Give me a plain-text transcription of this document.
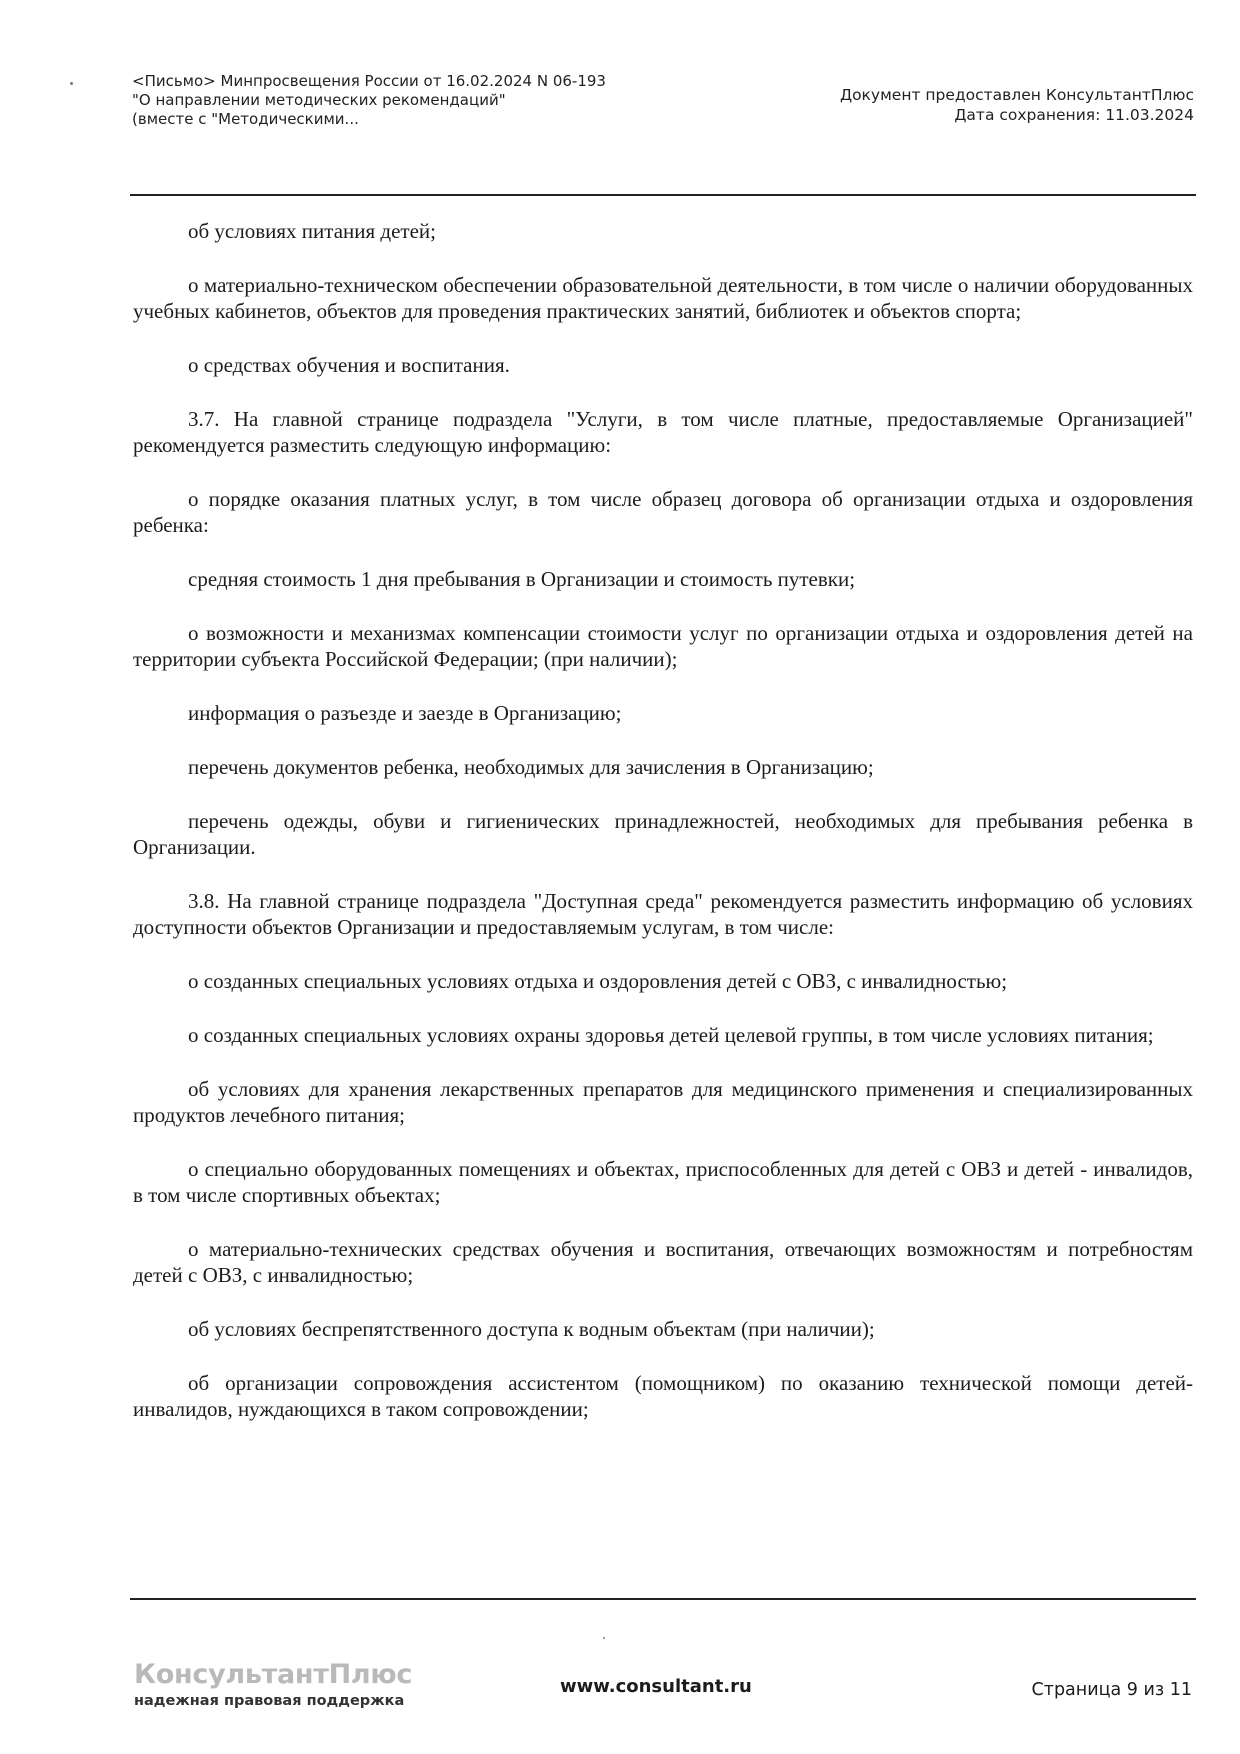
<Письмо> Минпросвещения России от 16.02.2024 N 06-193
"О направлении методических рекомендаций"
(вместе с "Методическими...
Документ предоставлен КонсультантПлюс
Дата сохранения: 11.03.2024

об условиях питания детей;

о материально-техническом обеспечении образовательной деятельности, в том числе о наличии оборудованных учебных кабинетов, объектов для проведения практических занятий, библиотек и объектов спорта;

о средствах обучения и воспитания.

3.7. На главной странице подраздела "Услуги, в том числе платные, предоставляемые Организацией" рекомендуется разместить следующую информацию:

о порядке оказания платных услуг, в том числе образец договора об организации отдыха и оздоровления ребенка:

средняя стоимость 1 дня пребывания в Организации и стоимость путевки;

о возможности и механизмах компенсации стоимости услуг по организации отдыха и оздоровления детей на территории субъекта Российской Федерации; (при наличии);

информация о разъезде и заезде в Организацию;

перечень документов ребенка, необходимых для зачисления в Организацию;

перечень одежды, обуви и гигиенических принадлежностей, необходимых для пребывания ребенка в Организации.

3.8. На главной странице подраздела "Доступная среда" рекомендуется разместить информацию об условиях доступности объектов Организации и предоставляемым услугам, в том числе:

о созданных специальных условиях отдыха и оздоровления детей с ОВЗ, с инвалидностью;

о созданных специальных условиях охраны здоровья детей целевой группы, в том числе условиях питания;

об условиях для хранения лекарственных препаратов для медицинского применения и специализированных продуктов лечебного питания;

о специально оборудованных помещениях и объектах, приспособленных для детей с ОВЗ и детей - инвалидов, в том числе спортивных объектах;

о материально-технических средствах обучения и воспитания, отвечающих возможностям и потребностям детей с ОВЗ, с инвалидностью;

об условиях беспрепятственного доступа к водным объектам (при наличии);

об организации сопровождения ассистентом (помощником) по оказанию технической помощи детей-инвалидов, нуждающихся в таком сопровождении;

КонсультантПлюс
надежная правовая поддержка
www.consultant.ru	Страница 9 из 11
